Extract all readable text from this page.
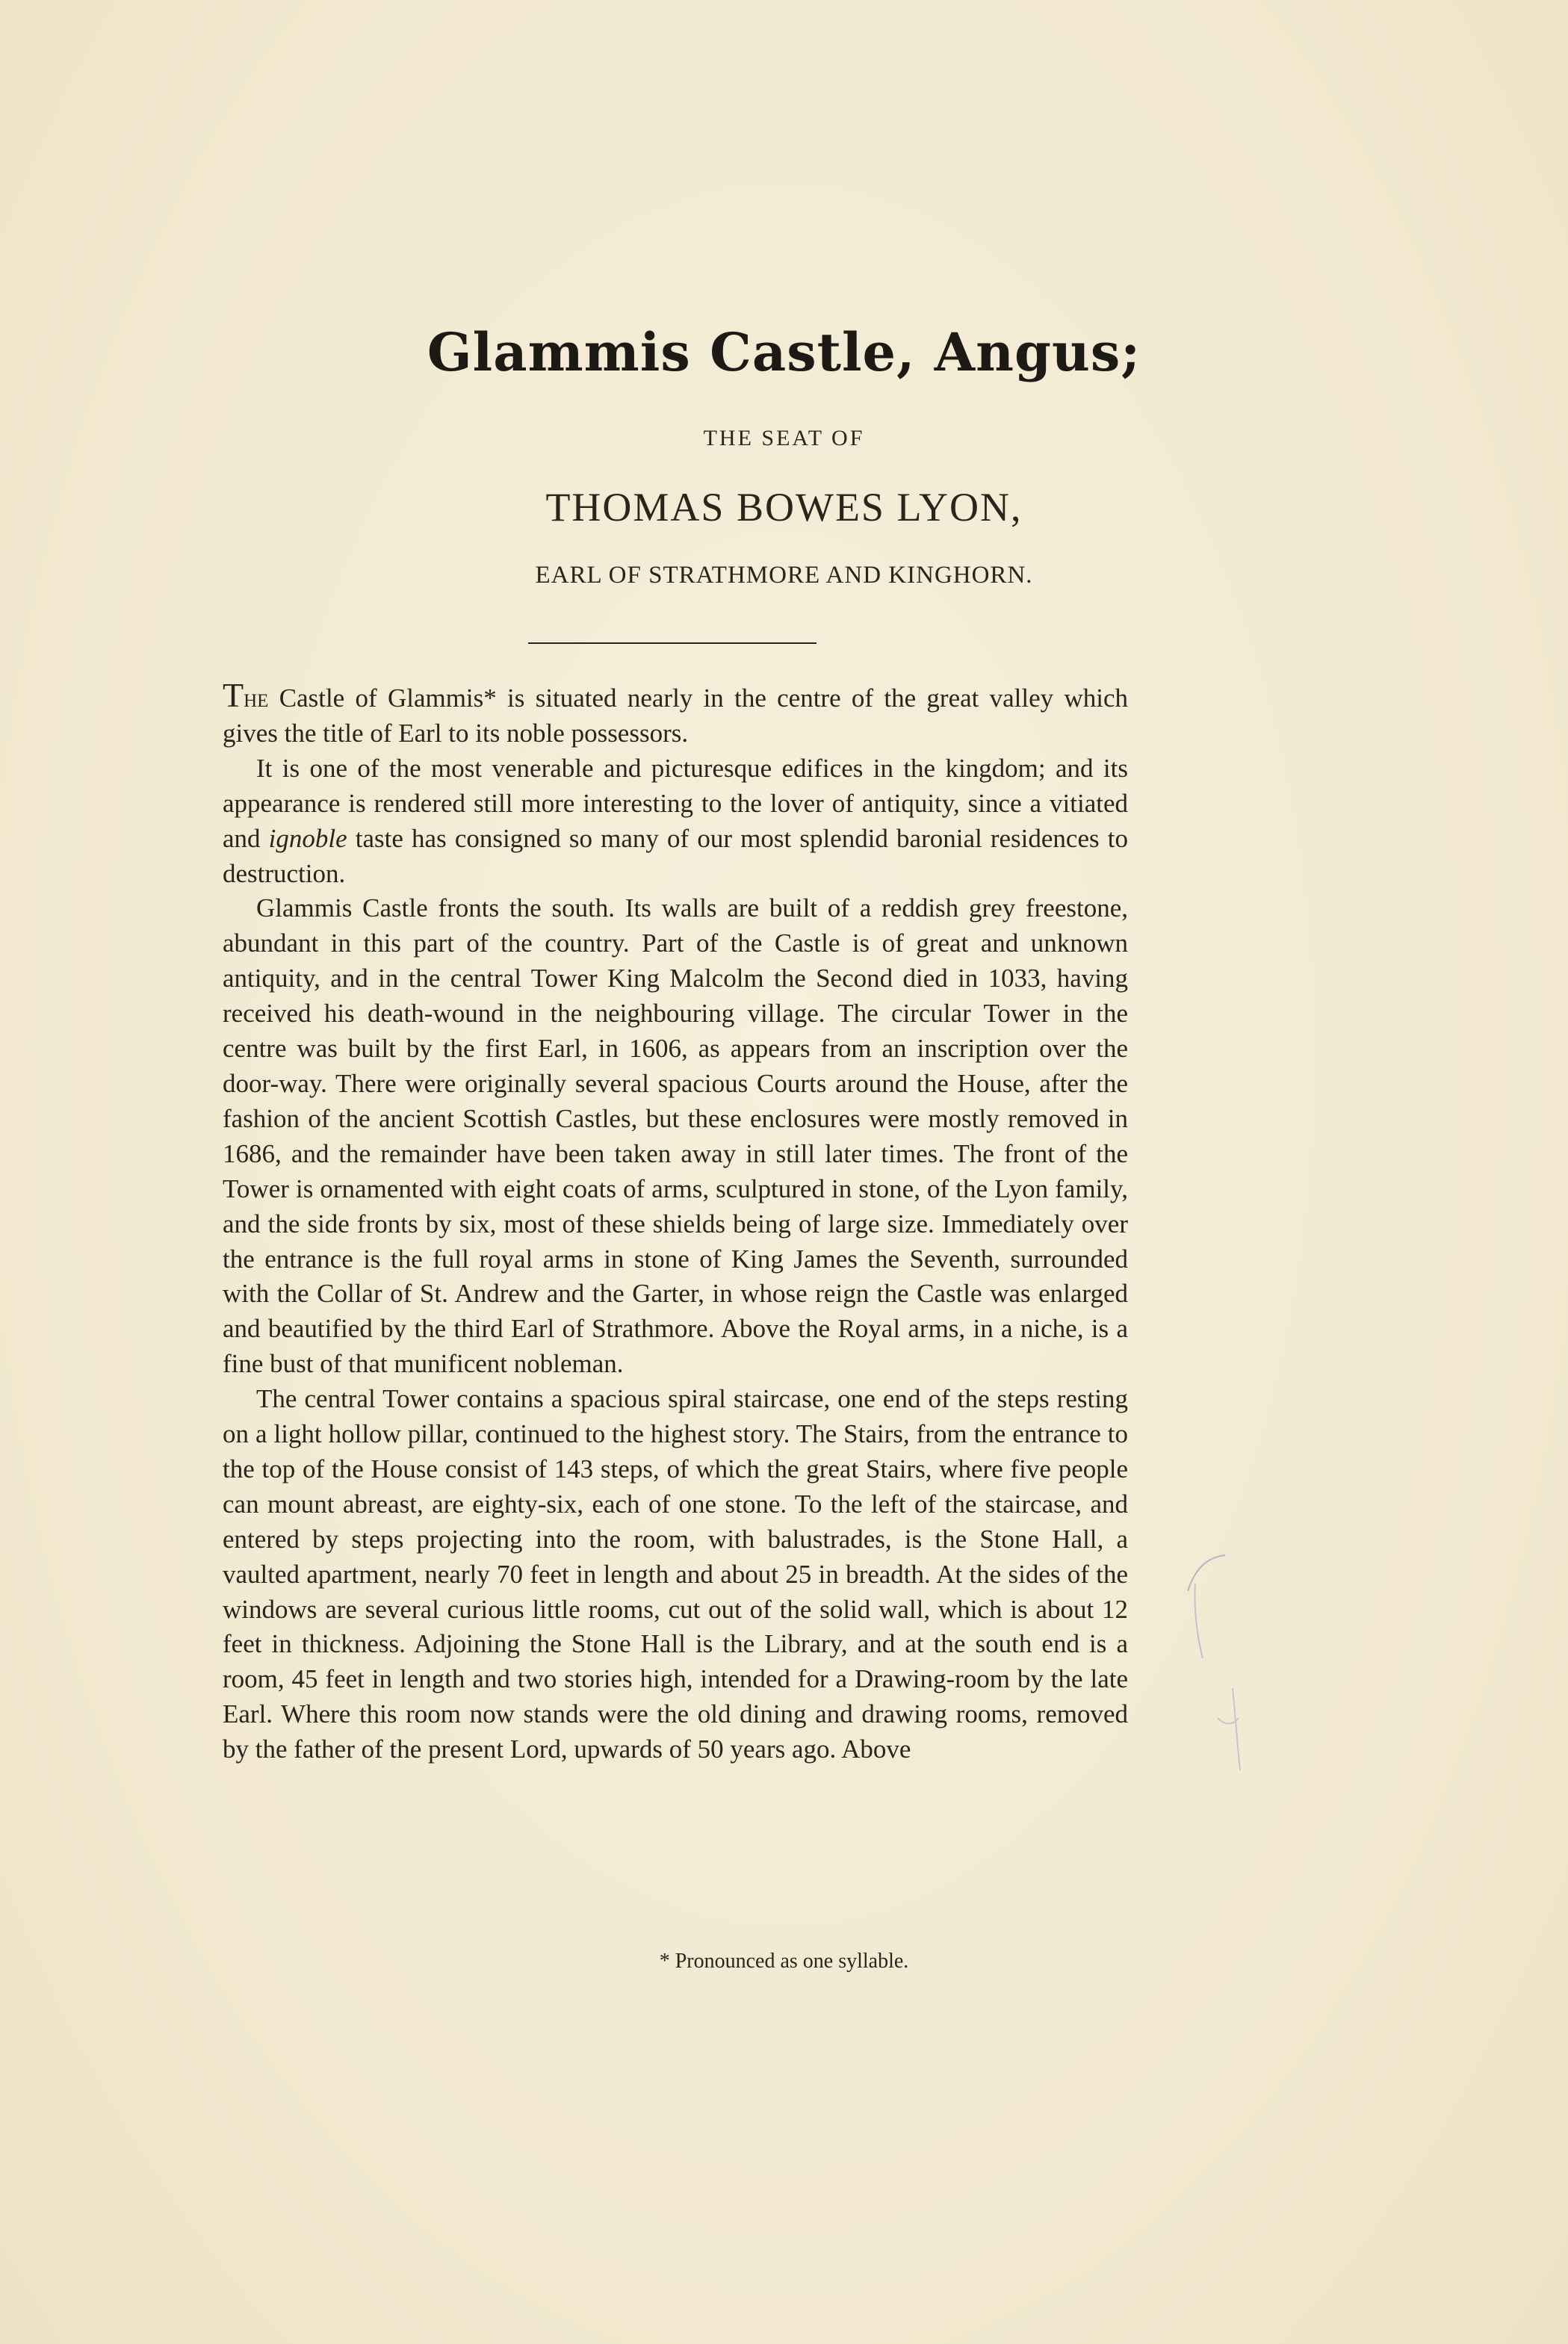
Glammis Castle, Angus;
THE SEAT OF
THOMAS BOWES LYON,
EARL OF STRATHMORE AND KINGHORN.

The Castle of Glammis* is situated nearly in the centre of the great valley which gives the title of Earl to its noble possessors.

It is one of the most venerable and picturesque edifices in the kingdom; and its appearance is rendered still more interesting to the lover of antiquity, since a vitiated and ignoble taste has consigned so many of our most splendid baronial residences to destruction.

Glammis Castle fronts the south. Its walls are built of a reddish grey freestone, abundant in this part of the country. Part of the Castle is of great and unknown antiquity, and in the central Tower King Malcolm the Second died in 1033, having received his death-wound in the neighbouring village. The circular Tower in the centre was built by the first Earl, in 1606, as appears from an inscription over the door-way. There were originally several spacious Courts around the House, after the fashion of the ancient Scottish Castles, but these enclosures were mostly removed in 1686, and the remainder have been taken away in still later times. The front of the Tower is ornamented with eight coats of arms, sculptured in stone, of the Lyon family, and the side fronts by six, most of these shields being of large size. Immediately over the entrance is the full royal arms in stone of King James the Seventh, surrounded with the Collar of St. Andrew and the Garter, in whose reign the Castle was enlarged and beautified by the third Earl of Strathmore. Above the Royal arms, in a niche, is a fine bust of that munificent nobleman.

The central Tower contains a spacious spiral staircase, one end of the steps resting on a light hollow pillar, continued to the highest story. The Stairs, from the entrance to the top of the House consist of 143 steps, of which the great Stairs, where five people can mount abreast, are eighty-six, each of one stone. To the left of the staircase, and entered by steps projecting into the room, with balustrades, is the Stone Hall, a vaulted apartment, nearly 70 feet in length and about 25 in breadth. At the sides of the windows are several curious little rooms, cut out of the solid wall, which is about 12 feet in thickness. Adjoining the Stone Hall is the Library, and at the south end is a room, 45 feet in length and two stories high, intended for a Drawing-room by the late Earl. Where this room now stands were the old dining and drawing rooms, removed by the father of the present Lord, upwards of 50 years ago. Above

* Pronounced as one syllable.
